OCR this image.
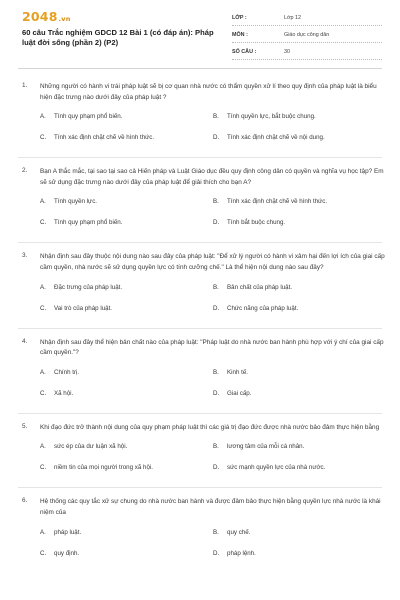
2048.vn
60 câu Trắc nghiệm GDCD 12 Bài 1 (có đáp án): Pháp luật đời sống (phần 2) (P2)
LỚP :	Lớp 12
MÔN :	Giáo dục công dân
SỐ CÂU :	30
1. Những người có hành vi trái pháp luật sẽ bị cơ quan nhà nước có thẩm quyền xử lí theo quy định của pháp luật là biểu hiện đặc trưng nào dưới đây của pháp luật ?
A. Tính quy phạm phổ biến.	B. Tính quyền lực, bắt buộc chung.
C. Tính xác định chặt chẽ về hình thức.	D. Tính xác định chặt chẽ về nội dung.
2. Bạn A thắc mắc, tại sao tại sao cả Hiến pháp và Luật Giáo dục đều quy định công dân có quyền và nghĩa vụ học tập? Em sẽ sử dụng đặc trưng nào dưới đây của pháp luật để giải thích cho bạn A?
A. Tính quyền lực.	B. Tính xác định chặt chẽ về hình thức.
C. Tính quy phạm phổ biến.	D. Tính bắt buộc chung.
3. Nhận định sau đây thuộc nội dung nào sau đây của pháp luật: "Để xử lý người có hành vi xâm hại đến lợi ích của giai cấp cầm quyền, nhà nước sẽ sử dụng quyền lực có tính cưỡng chế." Là thể hiện nội dung nào sau đây?
A. Đặc trưng của pháp luật.	B. Bản chất của pháp luật.
C. Vai trò của pháp luật.	D. Chức năng của pháp luật.
4. Nhận định sau đây thể hiện bản chất nào của pháp luật: "Pháp luật do nhà nước ban hành phù hợp với ý chí của giai cấp cầm quyền."?
A. Chính trị.	B. Kinh tế.
C. Xã hội.	D. Giai cấp.
5. Khi đạo đức trở thành nội dung của quy phạm pháp luật thì các giá trị đạo đức được nhà nước bảo đảm thực hiện bằng
A. sức ép của dư luận xã hội.	B. lương tâm của mỗi cá nhân.
C. niềm tin của mọi người trong xã hội.	D. sức mạnh quyền lực của nhà nước.
6. Hệ thống các quy tắc xử sự chung do nhà nước ban hành và được đảm bảo thực hiện bằng quyền lực nhà nước là khái niệm của
A. pháp luật.	B. quy chế.
C. quy định.	D. pháp lệnh.
